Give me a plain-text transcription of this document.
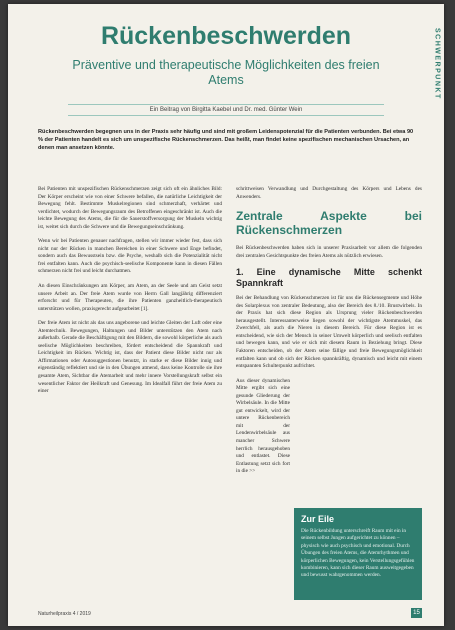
SCHWERPUNKT
Rückenbeschwerden

Präventive und therapeutische Möglichkeiten des freien Atems

Ein Beitrag von Birgitta Kaebel und Dr. med. Günter Wein

Rückenbeschwerden begegnen uns in der Praxis sehr häufig und sind mit großem Leidenspotenzial für die Patienten verbunden. Bei etwa 90 % der Patienten handelt es sich um unspezifische Rückenschmerzen. Das heißt, man findet keine spezifischen mechanischen Ursachen, an denen man ansetzen könnte.

Bei Patienten mit unspezifischen Rückenschmerzen zeigt sich oft ein ähnliches Bild: Der Körper erscheint wie von einer Schwere befallen, die natürliche Leichtigkeit der Bewegung fehlt. Bestimmte Muskelregionen sind schmerzhaft, verhärtet und verdichtet, wodurch der Bewegungsraum des Betroffenen eingeschränkt ist. Auch die leichte Bewegung des Atems, die für die Sauerstoffversorgung der Muskeln wichtig ist, weitet sich durch die Schwere und die Bewegungseinschränkung.

Wenn wir bei Patienten genauer nachfragen, stellen wir immer wieder fest, dass sich nicht nur der Rücken in manchen Bereichen in einer Schwere und Enge befindet, sondern auch das Bewusstsein bzw. die Psyche, weshalb sich die Potenzialität nicht frei entfalten kann. Auch die psychisch-seelische Komponente kann in diesen Fällen schmerzen nicht frei und leicht durchatmen.

An diesen Einschränkungen am Körper, am Atem, an der Seele und am Geist setzt unsere Arbeit an. Der freie Atem wurde von Herrn Gall langjährig differenziert erforscht und für Therapeuten, die ihre Patienten ganzheitlich-therapeutisch unterstützen wollen, praxisgerecht aufgearbeitet [1].

Der freie Atem ist nicht als das uns angeborene und leichte Gleiten der Luft oder eine Atemtechnik. Bewegungen, Haltungen und Bilder unterstützen den Atem nach außerhalb. Gerade die Beschäftigung mit den Bildern, die sowohl körperliche als auch seelische Möglichkeiten beschreiben, fördert entscheidend die Spannkraft und Leichtigkeit im Rücken. Wichtig ist, dass der Patient diese Bilder nicht nur als Affirmationen oder Autosuggestionen benutzt, in starke er diese Bilder innig und eigenständig reflektiert und sie in den Übungen atmend, dass keine Kontrolle sie ihre gesamte Atem, Sichtbar die Atemarbeit und mehr innere Vorstellungskraft selbst ein wesentlicher Faktor der Heilkraft und Genesung. Im Idealfall führt der freie Atem zu einer

schrittweisen Verwandlung und Durchgestaltung des Körpers und Lebens des Anwenders.

Zentrale Aspekte bei Rückenschmerzen

Bei Rückenbeschwerden haben sich in unserer Praxisarbeit vor allem die folgenden drei zentralen Gesichtspunkte des freien Atems als nützlich erwiesen.

1. Eine dynamische Mitte schenkt Spannkraft

Bei der Behandlung von Rückenschmerzen ist für uns die Rückensegmente und Höhe des Solarplexus von zentraler Bedeutung, also der Bereich des 8./10. Brustwirbels. In der Praxis hat sich diese Region als Ursprung vieler Rückenbeschwerden herausgestellt. Interessanterweise liegen sowohl der wichtigste Atemmuskel, das Zwerchfell, als auch die Nieren in diesem Bereich. Für diese Region ist es entscheidend, wie sich der Mensch in seiner Umwelt körperlich und seelisch entfalten und bewegen kann, und wie er sich mit diesem Raum in Beziehung bringt. Diese Faktoren entscheiden, ob der Atem seine fällige und freie Bewegungsmöglichkeit entfalten kann und ob sich der Rücken spannkräftig, dynamisch und leicht mit einem entspannten Schulterpunkt aufrichtet.

Aus dieser dynamischen Mitte ergibt sich eine gesunde Gliederung der Wirbelsäule. In die Mitte gut entwickelt, wird der untere Rückenbereich mit der Lendenwirbelsäule aus mancher Schwere herrlich herausgehoben und entlastet. Diese Entlastung setzt sich fort in die >>

Zur Eile

Die Rückenbildung unterschreift Raum mit ein in seinem selbst Jungen aufgerichtet zu können – physisch wie auch psychisch und emotional. Durch Übungen des freien Atems, die Atemrhythmen und körperlichen Bewegungen, kein Verstellungsgefühlen kombinieren, kann sich dieser Raum ausweitgegeben und bewusst wahrgenommen werden.

Naturheilpraxis 4 / 2019	15
